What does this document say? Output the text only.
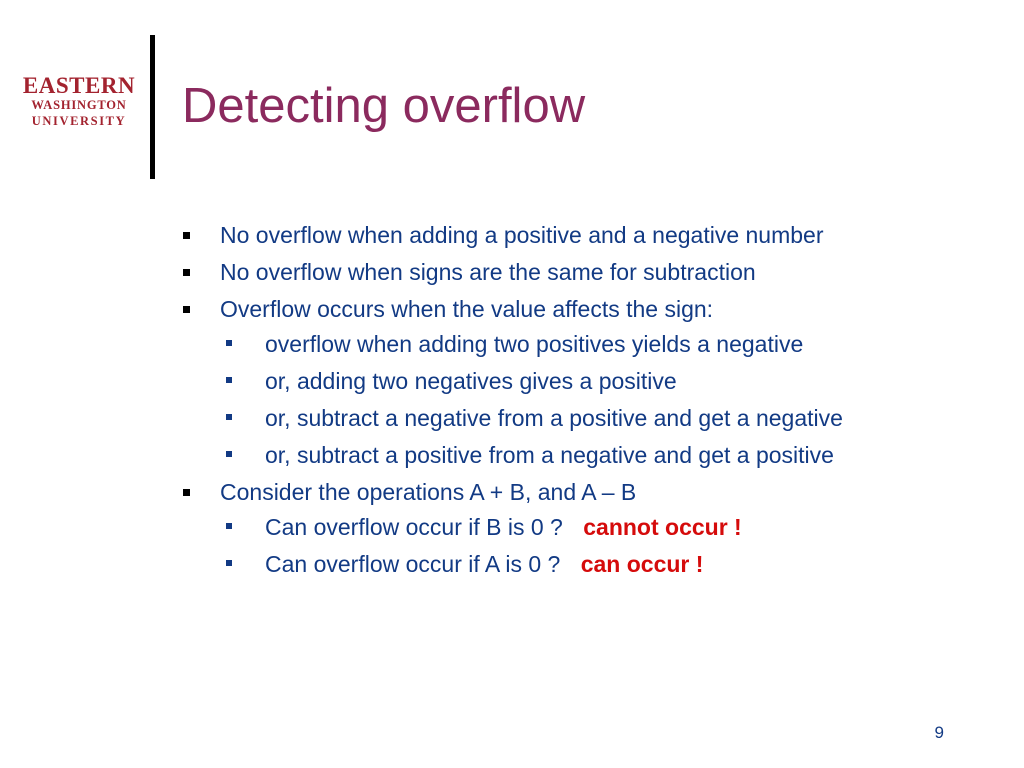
EASTERN
WASHINGTON
UNIVERSITY	Detecting overflow
No overflow when adding a positive and a negative number
No overflow when signs are the same for subtraction
Overflow occurs when the value affects the sign:
overflow when adding two positives yields a negative
or, adding two negatives gives a positive
or, subtract a negative from a positive and get a negative
or, subtract a positive from a negative and get a positive
Consider the operations A + B, and A – B
Can overflow occur if B is 0 ? cannot occur !
Can overflow occur if A is 0 ? can occur !
9
